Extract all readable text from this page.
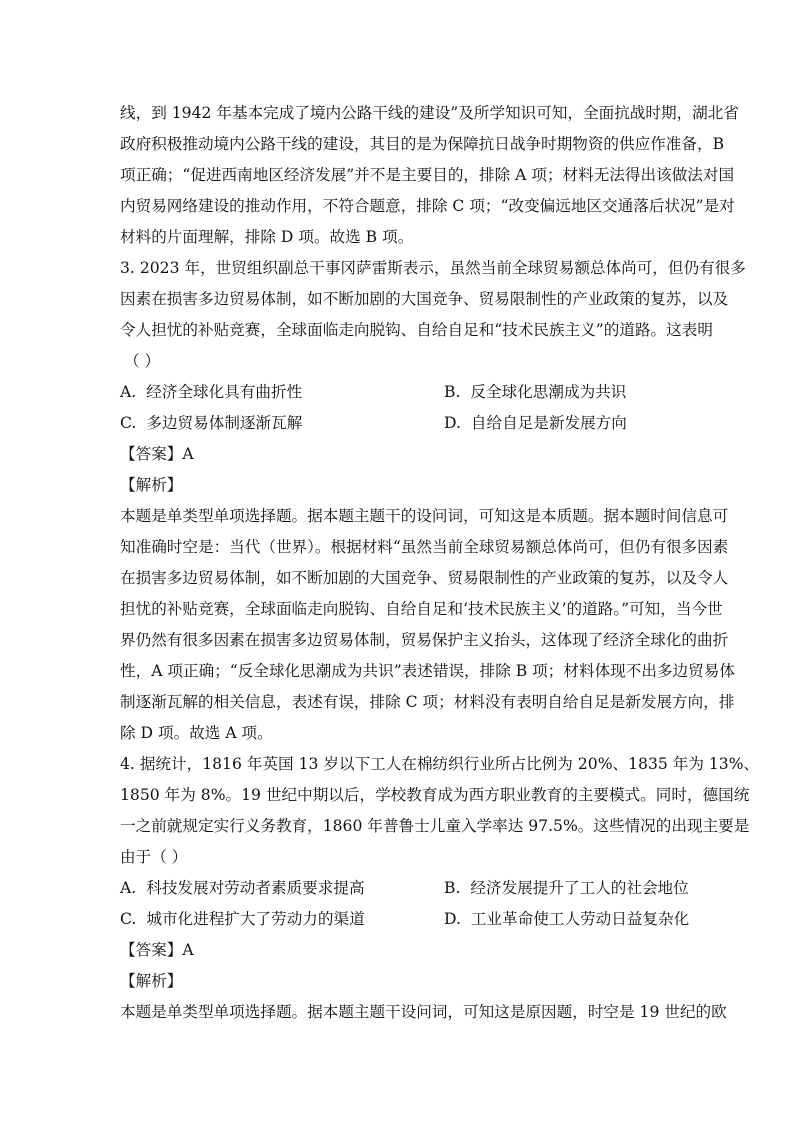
线，到 1942 年基本完成了境内公路干线的建设”及所学知识可知，全面抗战时期，湖北省
政府积极推动境内公路干线的建设，其目的是为保障抗日战争时期物资的供应作准备，B
项正确；“促进西南地区经济发展”并不是主要目的，排除 A 项；材料无法得出该做法对国
内贸易网络建设的推动作用，不符合题意，排除 C 项；“改变偏远地区交通落后状况”是对
材料的片面理解，排除 D 项。故选 B 项。
3. 2023 年，世贸组织副总干事冈萨雷斯表示，虽然当前全球贸易额总体尚可，但仍有很多
因素在损害多边贸易体制，如不断加剧的大国竞争、贸易限制性的产业政策的复苏，以及
令人担忧的补贴竞赛，全球面临走向脱钩、自给自足和“技术民族主义”的道路。这表明
（ ）
A. 经济全球化具有曲折性	B. 反全球化思潮成为共识
C. 多边贸易体制逐渐瓦解	D. 自给自足是新发展方向
【答案】A
【解析】
本题是单类型单项选择题。据本题主题干的设问词，可知这是本质题。据本题时间信息可
知准确时空是：当代（世界）。根据材料“虽然当前全球贸易额总体尚可，但仍有很多因素
在损害多边贸易体制，如不断加剧的大国竞争、贸易限制性的产业政策的复苏，以及令人
担忧的补贴竞赛，全球面临走向脱钩、自给自足和‘技术民族主义’的道路。”可知，当今世
界仍然有很多因素在损害多边贸易体制，贸易保护主义抬头，这体现了经济全球化的曲折
性，A 项正确；“反全球化思潮成为共识”表述错误，排除 B 项；材料体现不出多边贸易体
制逐渐瓦解的相关信息，表述有误，排除 C 项；材料没有表明自给自足是新发展方向，排
除 D 项。故选 A 项。
4. 据统计，1816 年英国 13 岁以下工人在棉纺织行业所占比例为 20%、1835 年为 13%、
1850 年为 8%。19 世纪中期以后，学校教育成为西方职业教育的主要模式。同时，德国统
一之前就规定实行义务教育，1860 年普鲁士儿童入学率达 97.5%。这些情况的出现主要是
由于（ ）
A. 科技发展对劳动者素质要求提高	B. 经济发展提升了工人的社会地位
C. 城市化进程扩大了劳动力的渠道	D. 工业革命使工人劳动日益复杂化
【答案】A
【解析】
本题是单类型单项选择题。据本题主题干设问词，可知这是原因题，时空是 19 世纪的欧
